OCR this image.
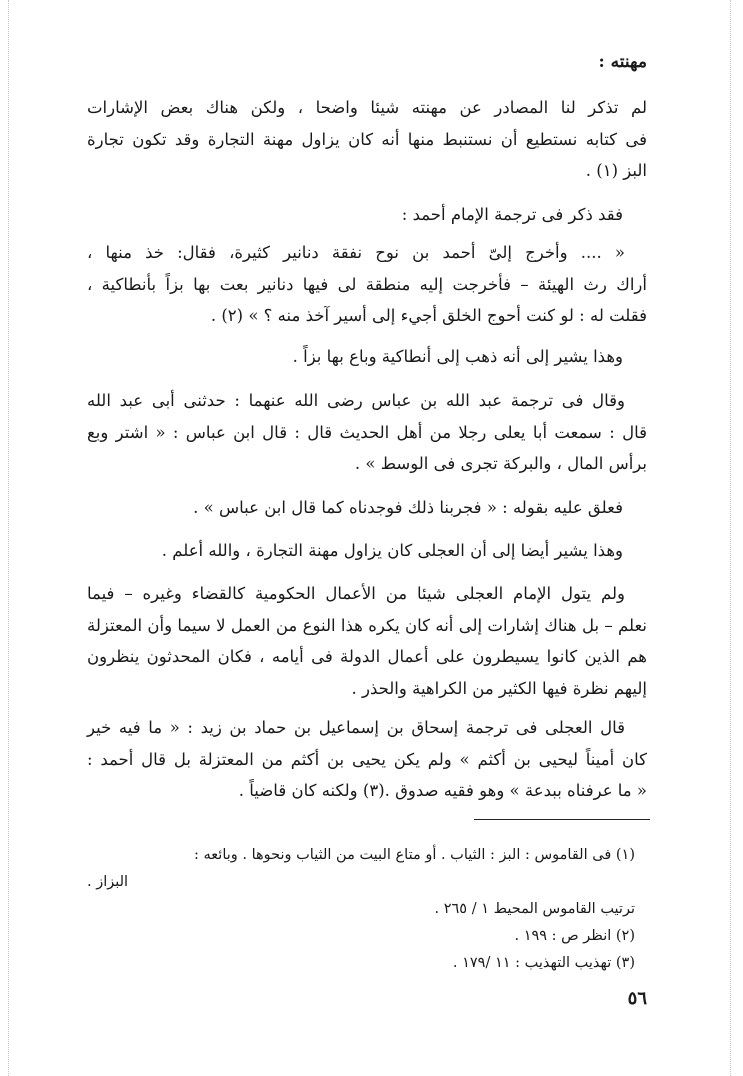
مهنته :
لم تذكر لنا المصادر عن مهنته شيئا واضحا ، ولكن هناك بعض الإشارات
فى كتابه نستطيع أن نستنبط منها أنه كان يزاول مهنة التجارة وقد تكون تجارة
البز (١) .
فقد ذكر فى ترجمة الإمام أحمد :
« .... وأخرج إلىّ أحمد بن نوح نفقة دنانير كثيرة، فقال: خذ منها ،
أراك رث الهيئة – فأخرجت إليه منطقة لى فيها دنانير بعت بها بزاً بأنطاكية ،
فقلت له : لو كنت أحوج الخلق أجيء إلى أسير آخذ منه ؟ » (٢) .
وهذا يشير إلى أنه ذهب إلى أنطاكية وباع بها بزاً .
وقال فى ترجمة عبد الله بن عباس رضى الله عنهما : حدثنى أبى عبد الله
قال : سمعت أبا يعلى رجلا من أهل الحديث قال : قال ابن عباس : « اشتر وبع
برأس المال ، والبركة تجرى فى الوسط » .
فعلق عليه بقوله : « فجربنا ذلك فوجدناه كما قال ابن عباس » .
وهذا يشير أيضا إلى أن العجلى كان يزاول مهنة التجارة ، والله أعلم .
ولم يتول الإمام العجلى شيئا من الأعمال الحكومية كالقضاء وغيره – فيما
نعلم – بل هناك إشارات إلى أنه كان يكره هذا النوع من العمل لا سيما وأن المعتزلة
هم الذين كانوا يسيطرون على أعمال الدولة فى أيامه ، فكان المحدثون ينظرون
إليهم نظرة فيها الكثير من الكراهية والحذر .
قال العجلى فى ترجمة إسحاق بن إسماعيل بن حماد بن زيد : « ما فيه خير
كان أميناً ليحيى بن أكثم » ولم يكن يحيى بن أكثم من المعتزلة بل قال أحمد :
« ما عرفناه ببدعة » وهو فقيه صدوق .(٣) ولكنه كان قاضياً .
(١) فى القاموس : البز : الثياب . أو متاع البيت من الثياب ونحوها . وبائعه :
البزاز .
ترتيب القاموس المحيط ١ / ٢٦٥ .
(٢) انظر ص : ١٩٩ .
(٣) تهذيب التهذيب : ١١ /١٧٩ .
٥٦
